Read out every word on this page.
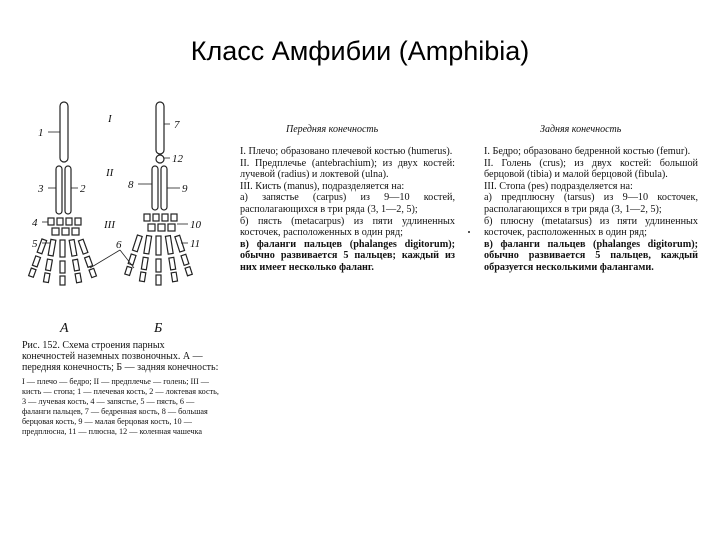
Класс Амфибии (Amphibia)
I
II
III
1
2
3
4
5	6
7
8	9
10
11
12
А	Б
Рис. 152. Схема строения парных конечностей наземных позвоночных. А — передняя конечность; Б — задняя конечность:
I — плечо — бедро; II — предплечье — голень; III — кисть — стопа; 1 — плечевая кость, 2 — локтевая кость, 3 — лучевая кость, 4 — запястье, 5 — пясть, 6 — фаланги пальцев, 7 — бедренная кость, 8 — большая берцовая кость, 9 — малая берцовая кость, 10 — предплюсна, 11 — плюсна, 12 — коленная чашечка
Передняя конечность

I. Плечо; образовано плечевой костью (humerus).

II. Предплечье (antebrachium); из двух костей: лучевой (radius) и локтевой (ulna).

III. Кисть (manus), подразделяется на:

а) запястье (carpus) из 9—10 костей, располагающихся в три ряда (3, 1—2, 5);

б) пясть (metacarpus) из пяти удлиненных косточек, расположенных в один ряд;

в) фаланги пальцев (phalanges digitorum); обычно развивается 5 пальцев; каждый из них имеет несколько фаланг.

Задняя конечность

I. Бедро; образовано бедренной костью (femur).

II. Голень (crus); из двух костей: большой берцовой (tibia) и малой берцовой (fibula).

III. Стопа (pes) подразделяется на:

а) предплюсну (tarsus) из 9—10 косточек, располагающихся в три ряда (3, 1—2, 5);

б) плюсну (metatarsus) из пяти удлиненных косточек, расположенных в один ряд;

в) фаланги пальцев (phalanges digitorum); обычно развивается 5 пальцев, каждый образуется несколькими фалангами.
